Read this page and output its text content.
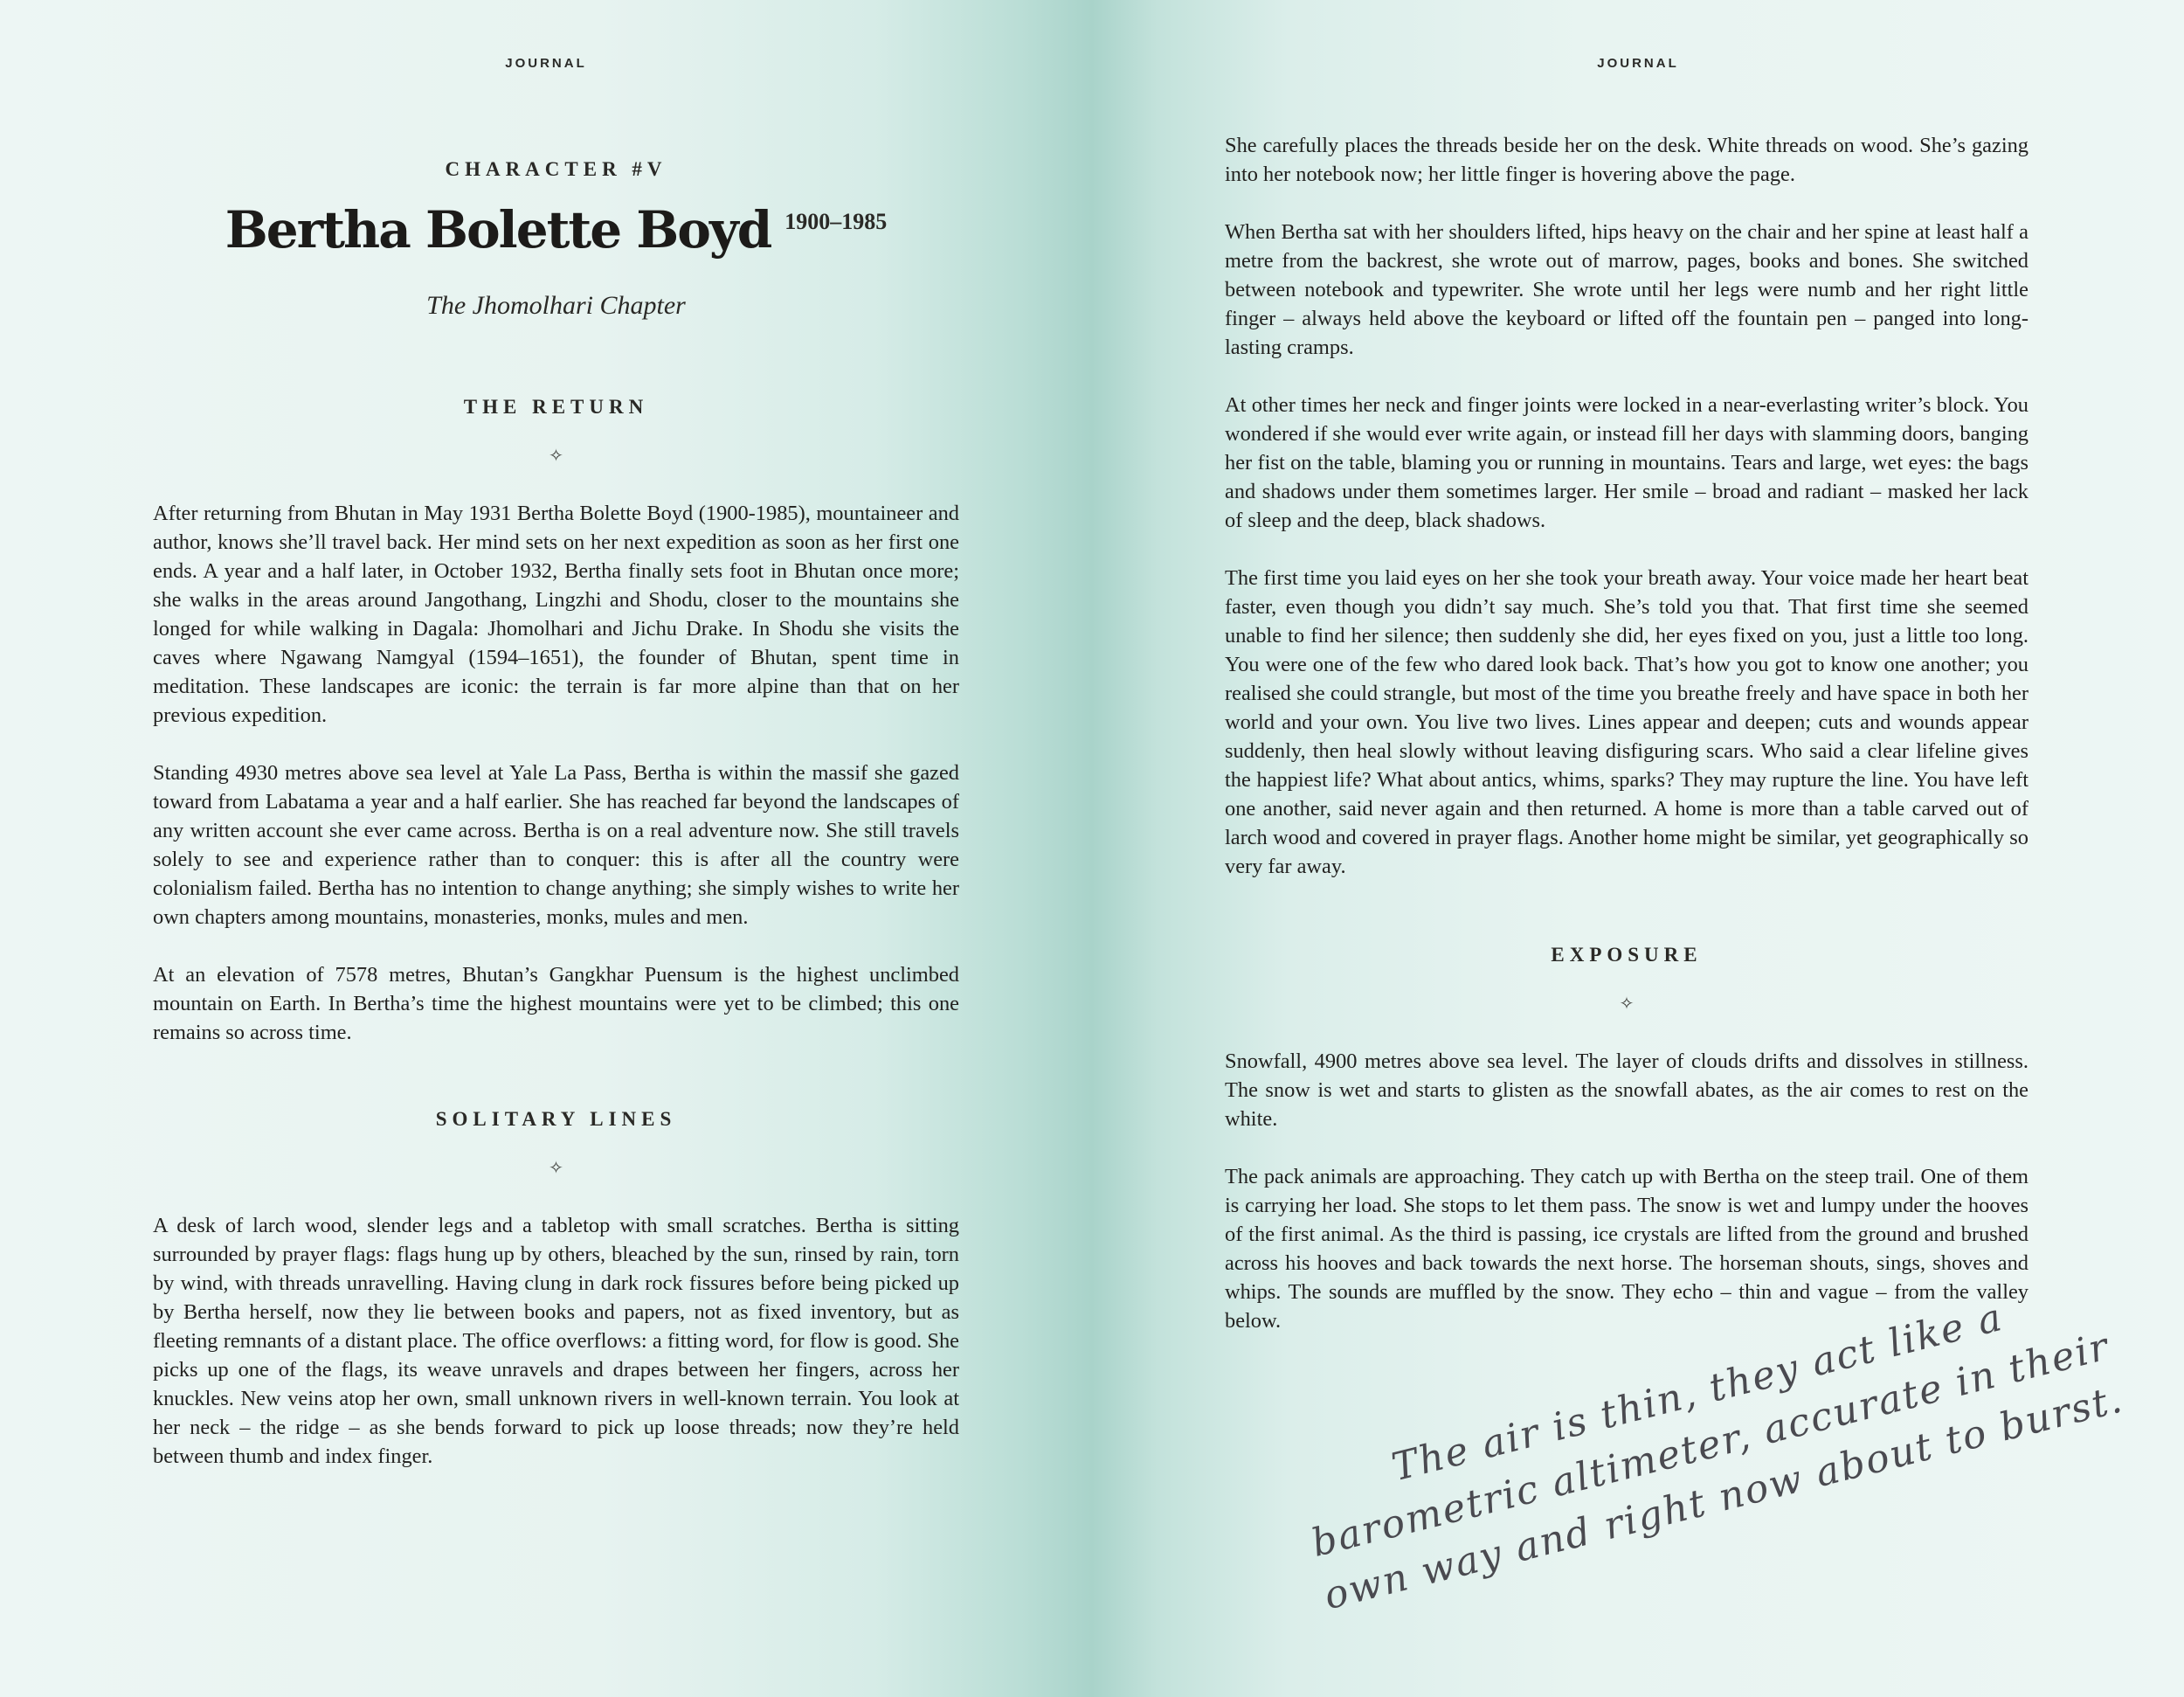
JOURNAL
CHARACTER #V
Bertha Bolette Boyd 1900–1985
The Jhomolhari Chapter
THE RETURN
✧

After returning from Bhutan in May 1931 Bertha Bolette Boyd (1900-1985), mountaineer and author, knows she’ll travel back. Her mind sets on her next expedition as soon as her first one ends. A year and a half later, in October 1932, Bertha finally sets foot in Bhutan once more; she walks in the areas around Jangothang, Lingzhi and Shodu, closer to the mountains she longed for while walking in Dagala: Jhomolhari and Jichu Drake. In Shodu she visits the caves where Ngawang Namgyal (1594–1651), the founder of Bhutan, spent time in meditation. These landscapes are iconic: the terrain is far more alpine than that on her previous expedition.

Standing 4930 metres above sea level at Yale La Pass, Bertha is within the massif she gazed toward from Labatama a year and a half earlier. She has reached far beyond the landscapes of any written account she ever came across. Bertha is on a real adventure now. She still travels solely to see and experience rather than to conquer: this is after all the country were colonialism failed. Bertha has no intention to change anything; she simply wishes to write her own chapters among mountains, monasteries, monks, mules and men.

At an elevation of 7578 metres, Bhutan’s Gangkhar Puensum is the highest unclimbed mountain on Earth. In Bertha’s time the highest mountains were yet to be climbed; this one remains so across time.

SOLITARY LINES
✧

A desk of larch wood, slender legs and a tabletop with small scratches. Bertha is sitting surrounded by prayer flags: flags hung up by others, bleached by the sun, rinsed by rain, torn by wind, with threads unravelling. Having clung in dark rock fissures before being picked up by Bertha herself, now they lie between books and papers, not as fixed inventory, but as fleeting remnants of a distant place. The office overflows: a fitting word, for flow is good. She picks up one of the flags, its weave unravels and drapes between her fingers, across her knuckles. New veins atop her own, small unknown rivers in well-known terrain. You look at her neck – the ridge – as she bends forward to pick up loose threads; now they’re held between thumb and index finger.

JOURNAL

She carefully places the threads beside her on the desk. White threads on wood. She’s gazing into her notebook now; her little finger is hovering above the page.

When Bertha sat with her shoulders lifted, hips heavy on the chair and her spine at least half a metre from the backrest, she wrote out of marrow, pages, books and bones. She switched between notebook and typewriter. She wrote until her legs were numb and her right little finger – always held above the keyboard or lifted off the fountain pen – panged into long-lasting cramps.

At other times her neck and finger joints were locked in a near-everlasting writer’s block. You wondered if she would ever write again, or instead fill her days with slamming doors, banging her fist on the table, blaming you or running in mountains. Tears and large, wet eyes: the bags and shadows under them sometimes larger. Her smile – broad and radiant – masked her lack of sleep and the deep, black shadows.

The first time you laid eyes on her she took your breath away. Your voice made her heart beat faster, even though you didn’t say much. She’s told you that. That first time she seemed unable to find her silence; then suddenly she did, her eyes fixed on you, just a little too long. You were one of the few who dared look back. That’s how you got to know one another; you realised she could strangle, but most of the time you breathe freely and have space in both her world and your own. You live two lives. Lines appear and deepen; cuts and wounds appear suddenly, then heal slowly without leaving disfiguring scars. Who said a clear lifeline gives the happiest life? What about antics, whims, sparks? They may rupture the line. You have left one another, said never again and then returned. A home is more than a table carved out of larch wood and covered in prayer flags. Another home might be similar, yet geographically so very far away.

EXPOSURE
✧

Snowfall, 4900 metres above sea level. The layer of clouds drifts and dissolves in stillness. The snow is wet and starts to glisten as the snowfall abates, as the air comes to rest on the white.

The pack animals are approaching. They catch up with Bertha on the steep trail. One of them is carrying her load. She stops to let them pass. The snow is wet and lumpy under the hooves of the first animal. As the third is passing, ice crystals are lifted from the ground and brushed across his hooves and back towards the next horse. The horseman shouts, sings, shoves and whips. The sounds are muffled by the snow. They echo – thin and vague – from the valley below.	The air is thin, they act like a barometric altimeter, accurate in their own way and right now about to burst.
